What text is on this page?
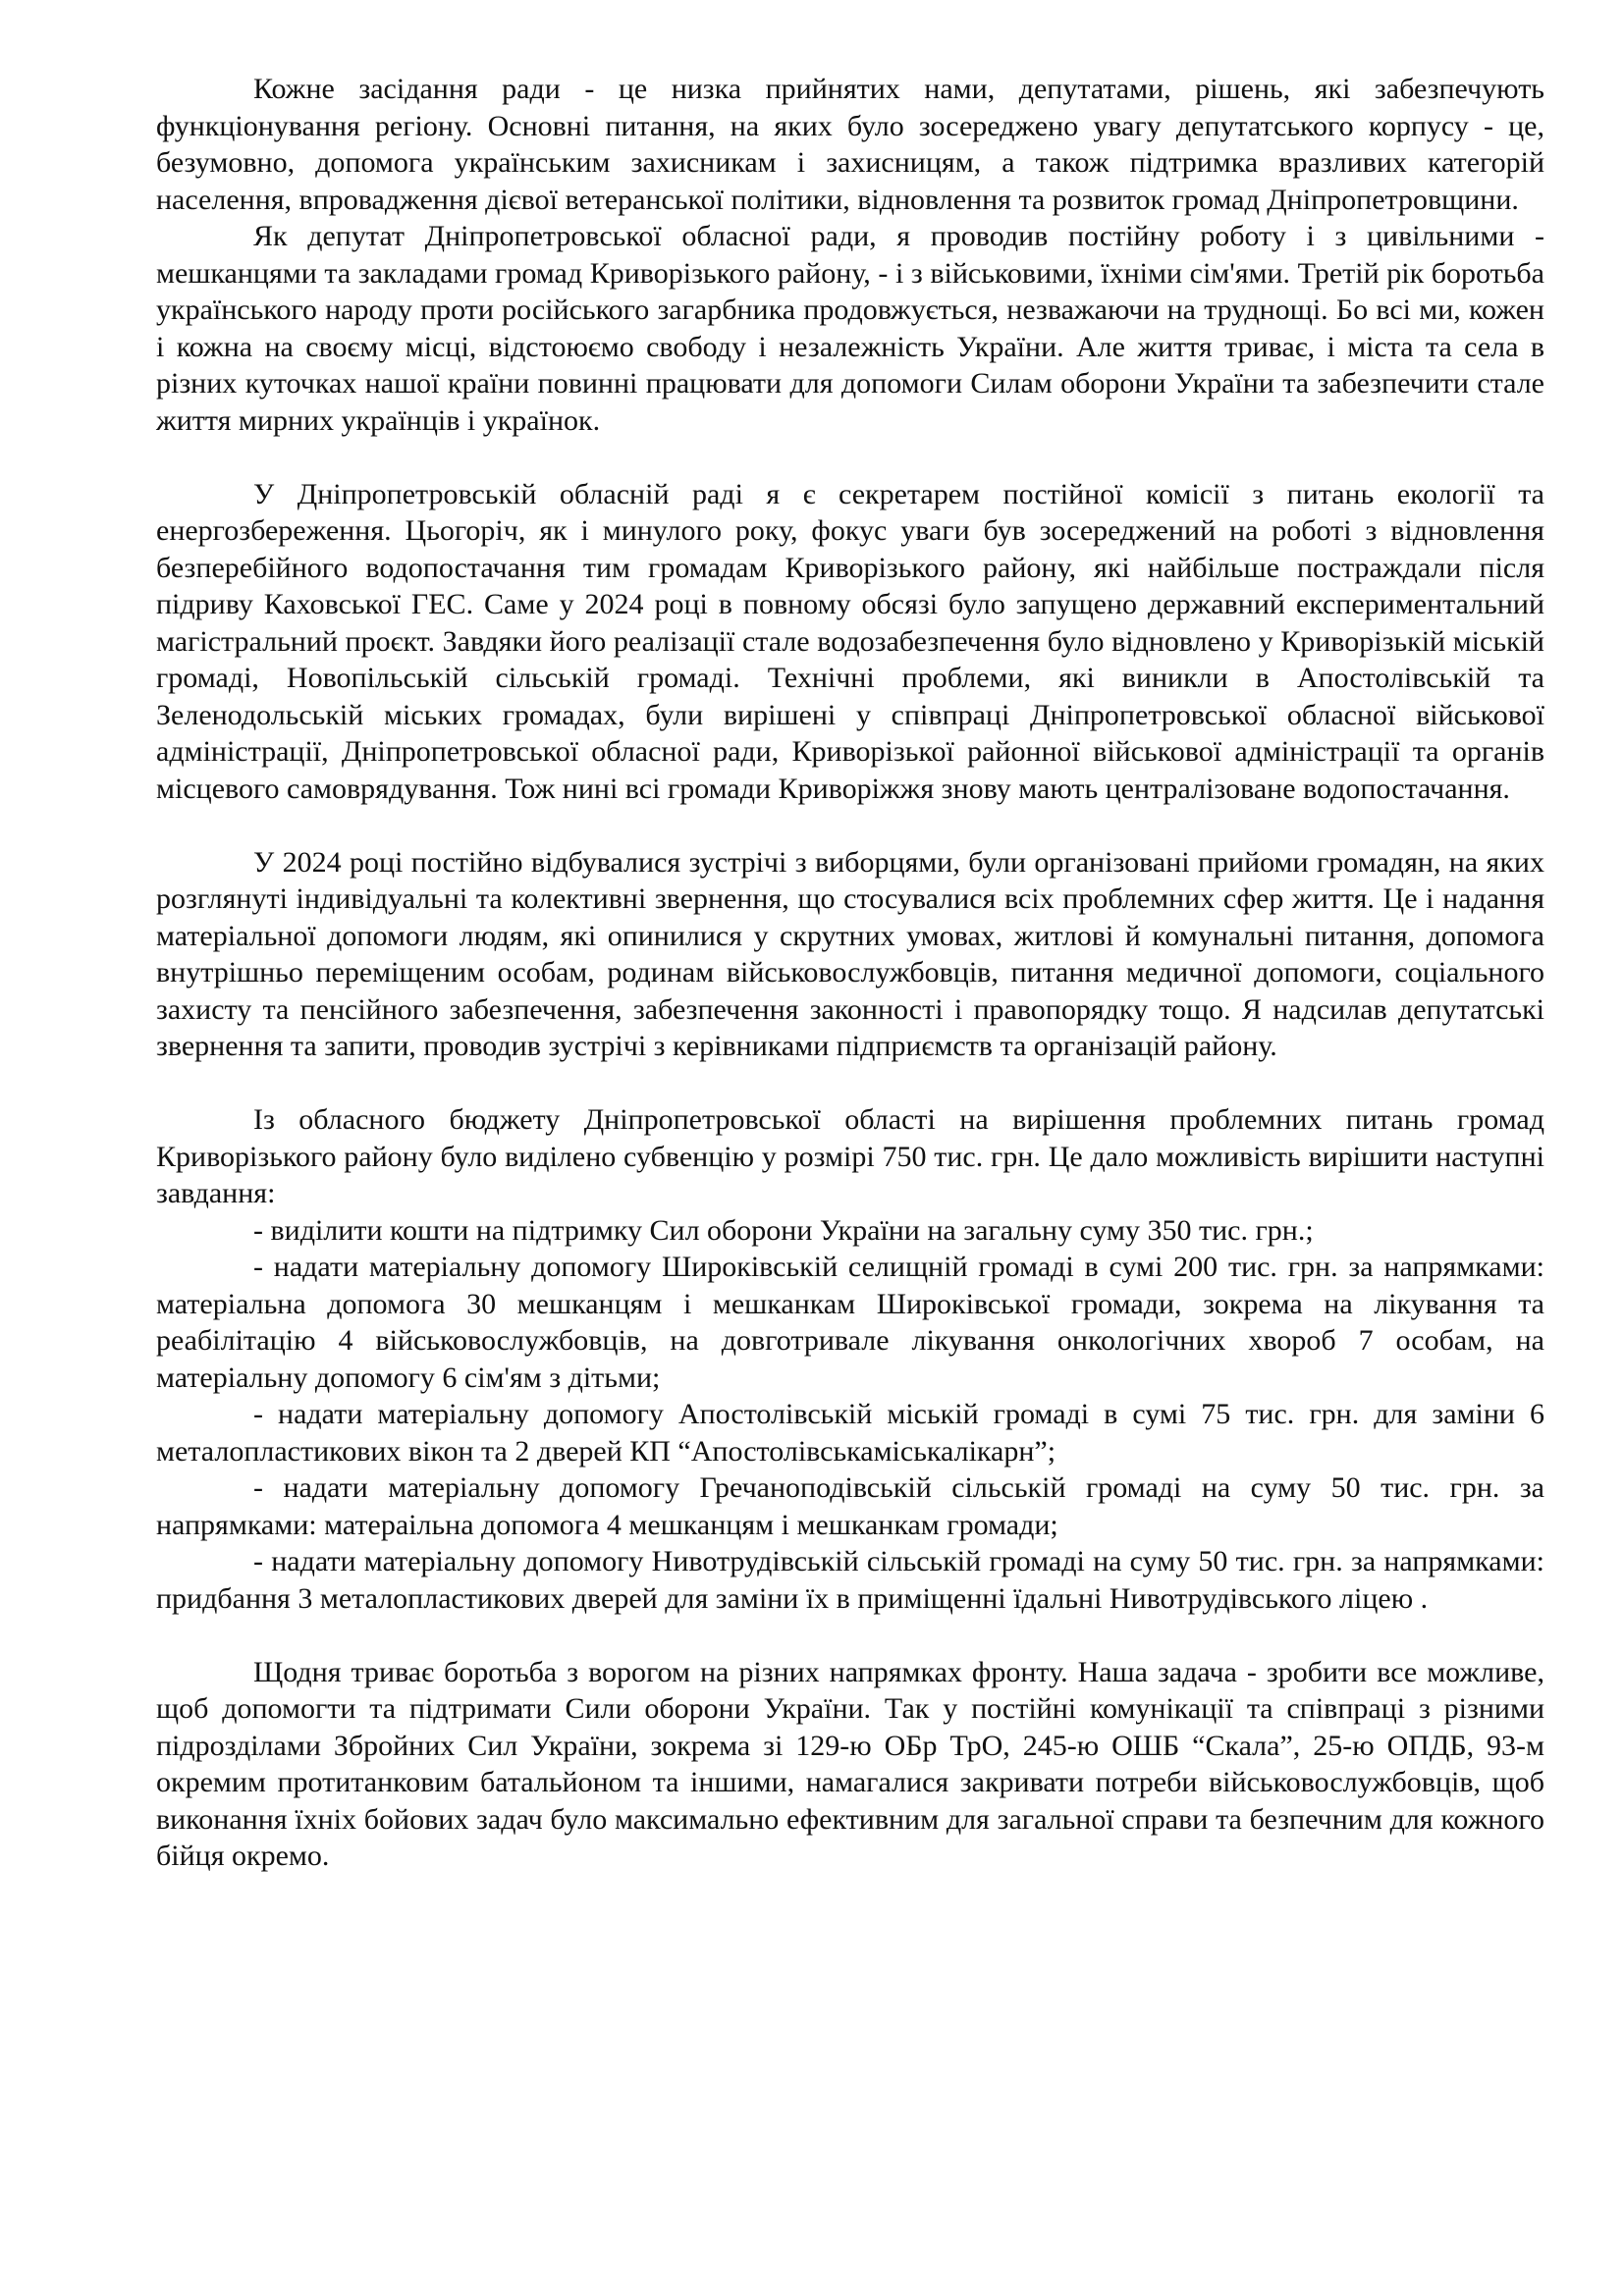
Кожне засідання ради - це низка прийнятих нами, депутатами, рішень, які забезпечують функціонування регіону. Основні питання, на яких було зосереджено увагу депутатського корпусу - це, безумовно, допомога українським захисникам і захисницям, а також підтримка вразливих категорій населення, впровадження дієвої ветеранської політики, відновлення та розвиток громад Дніпропетровщини.

Як депутат Дніпропетровської обласної ради, я проводив постійну роботу і з цивільними - мешканцями та закладами громад Криворізького району, - і з військовими, їхніми сім'ями. Третій рік боротьба українського народу проти російського загарбника продовжується, незважаючи на труднощі. Бо всі ми, кожен і кожна на своєму місці, відстоюємо свободу і незалежність України. Але життя триває, і міста та села в різних куточках нашої країни повинні працювати для допомоги Силам оборони України та забезпечити стале життя мирних українців і українок.

У Дніпропетровській обласній раді я є секретарем постійної комісії з питань екології та енергозбереження. Цьогоріч, як і минулого року, фокус уваги був зосереджений на роботі з відновлення безперебійного водопостачання тим громадам Криворізького району, які найбільше постраждали після підриву Каховської ГЕС. Саме у 2024 році в повному обсязі було запущено державний експериментальний магістральний проєкт. Завдяки його реалізації стале водозабезпечення було відновлено у Криворізькій міській громаді, Новопільській сільській громаді. Технічні проблеми, які виникли в Апостолівській та Зеленодольській міських громадах, були вирішені у співпраці Дніпропетровської обласної військової адміністрації, Дніпропетровської обласної ради, Криворізької районної військової адміністрації та органів місцевого самоврядування. Тож нині всі громади Криворіжжя знову мають централізоване водопостачання.

У 2024 році постійно відбувалися зустрічі з виборцями, були організовані прийоми громадян, на яких розглянуті індивідуальні та колективні звернення, що стосувалися всіх проблемних сфер життя. Це і надання матеріальної допомоги людям, які опинилися у скрутних умовах, житлові й комунальні питання, допомога внутрішньо переміщеним особам, родинам військовослужбовців, питання медичної допомоги, соціального захисту та пенсійного забезпечення, забезпечення законності і правопорядку тощо. Я надсилав депутатські звернення та запити, проводив зустрічі з керівниками підприємств та організацій району.

Із обласного бюджету Дніпропетровської області на вирішення проблемних питань громад Криворізького району було виділено субвенцію у розмірі 750 тис. грн. Це дало можливість вирішити наступні завдання:

- виділити кошти на підтримку Сил оборони України на загальну суму 350 тис. грн.;

- надати матеріальну допомогу Широківській селищній громаді в сумі 200 тис. грн. за напрямками: матеріальна допомога 30 мешканцям і мешканкам Широківської громади, зокрема на лікування та реабілітацію 4 військовослужбовців, на довготривале лікування онкологічних хвороб 7 особам, на матеріальну допомогу 6 сім'ям з дітьми;

- надати матеріальну допомогу Апостолівській міській громаді в сумі 75 тис. грн. для заміни 6 металопластикових вікон та 2 дверей КП “Апостолівськаміськалікарн”;

- надати матеріальну допомогу Гречаноподівській сільській громаді на суму 50 тис. грн. за напрямками: матераільна допомога 4 мешканцям і мешканкам громади;

- надати матеріальну допомогу Нивотрудівській сільській громаді на суму 50 тис. грн. за напрямками: придбання 3 металопластикових дверей для заміни їх в приміщенні їдальні Нивотрудівського ліцею .

Щодня триває боротьба з ворогом на різних напрямках фронту. Наша задача - зробити все можливе, щоб допомогти та підтримати Сили оборони України. Так у постійні комунікації та співпраці з різними підрозділами Збройних Сил України, зокрема зі 129-ю ОБр ТрО, 245-ю ОШБ “Скала”, 25-ю ОПДБ, 93-м окремим протитанковим батальйоном та іншими, намагалися закривати потреби військовослужбовців, щоб виконання їхніх бойових задач було максимально ефективним для загальної справи та безпечним для кожного бійця окремо.
